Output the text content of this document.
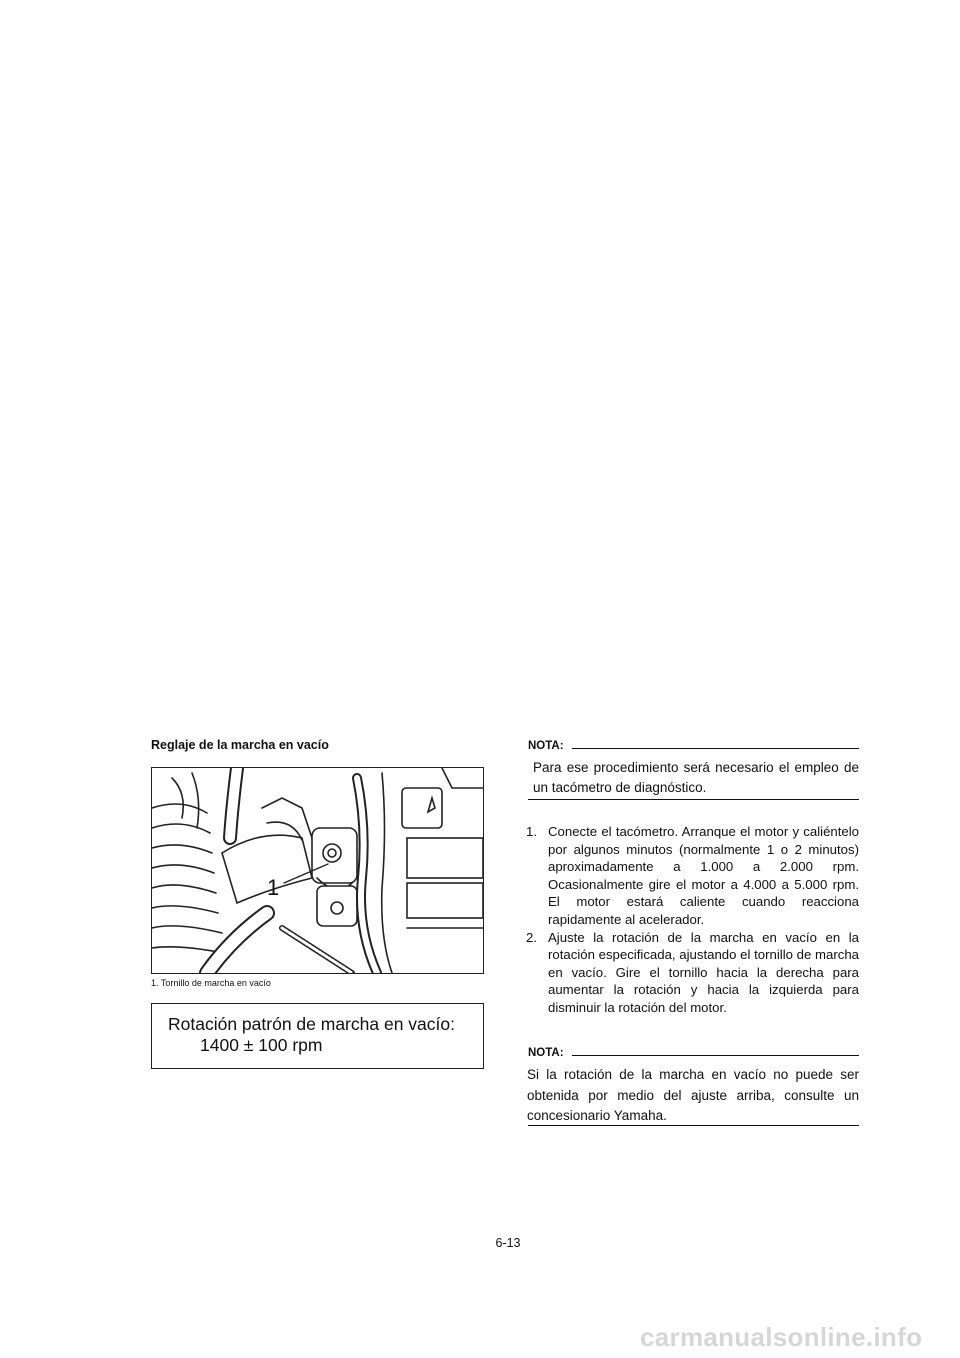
Reglaje de la marcha en vacío
1
1. Tornillo de marcha en vacío
Rotación patrón de marcha en vacío:
1400 ± 100 rpm
NOTA:
Para ese procedimiento será necesario el empleo de un tacómetro de diagnóstico.
1. Conecte el tacómetro. Arranque el motor y caliéntelo por algunos minutos (normalmente 1 o 2 minutos) aproximadamente a 1.000 a 2.000 rpm. Ocasionalmente gire el motor a 4.000 a 5.000 rpm. El motor estará caliente cuando reacciona rapidamente al acelerador.
2. Ajuste la rotación de la marcha en vacío en la rotación especificada, ajustando el tornillo de marcha en vacío. Gire el tornillo hacia la derecha para aumentar la rotación y hacia la izquierda para disminuir la rotación del motor.
NOTA:
Si la rotación de la marcha en vacío no puede ser obtenida por medio del ajuste arriba, consulte un concesionario Yamaha.
6-13
carmanualsonline.info
